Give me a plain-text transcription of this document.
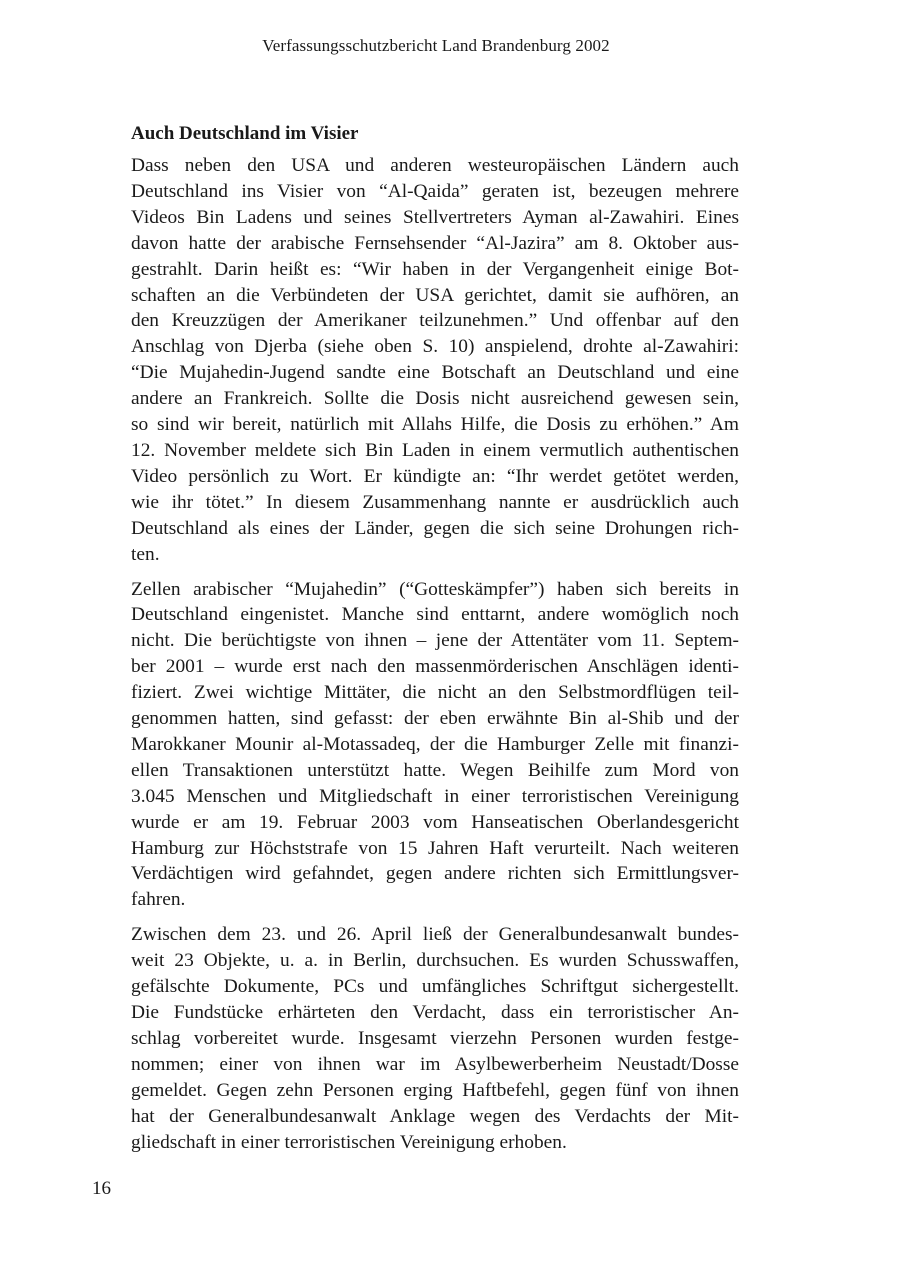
Verfassungsschutzbericht Land Brandenburg 2002
Auch Deutschland im Visier

Dass neben den USA und anderen westeuropäischen Ländern auch
Deutschland ins Visier von “Al-Qaida” geraten ist, bezeugen mehrere
Videos Bin Ladens und seines Stellvertreters Ayman al-Zawahiri. Eines
davon hatte der arabische Fernsehsender “Al-Jazira” am 8. Oktober aus-
gestrahlt. Darin heißt es: “Wir haben in der Vergangenheit einige Bot-
schaften an die Verbündeten der USA gerichtet, damit sie aufhören, an
den Kreuzzügen der Amerikaner teilzunehmen.” Und offenbar auf den
Anschlag von Djerba (siehe oben S. 10) anspielend, drohte al-Zawahiri:
“Die Mujahedin-Jugend sandte eine Botschaft an Deutschland und eine
andere an Frankreich. Sollte die Dosis nicht ausreichend gewesen sein,
so sind wir bereit, natürlich mit Allahs Hilfe, die Dosis zu erhöhen.” Am
12. November meldete sich Bin Laden in einem vermutlich authentischen
Video persönlich zu Wort. Er kündigte an: “Ihr werdet getötet werden,
wie ihr tötet.” In diesem Zusammenhang nannte er ausdrücklich auch
Deutschland als eines der Länder, gegen die sich seine Drohungen rich-
ten.

Zellen arabischer “Mujahedin” (“Gotteskämpfer”) haben sich bereits in
Deutschland eingenistet. Manche sind enttarnt, andere womöglich noch
nicht. Die berüchtigste von ihnen – jene der Attentäter vom 11. Septem-
ber 2001 – wurde erst nach den massenmörderischen Anschlägen identi-
fiziert. Zwei wichtige Mittäter, die nicht an den Selbstmordflügen teil-
genommen hatten, sind gefasst: der eben erwähnte Bin al-Shib und der
Marokkaner Mounir al-Motassadeq, der die Hamburger Zelle mit finanzi-
ellen Transaktionen unterstützt hatte. Wegen Beihilfe zum Mord von
3.045 Menschen und Mitgliedschaft in einer terroristischen Vereinigung
wurde er am 19. Februar 2003 vom Hanseatischen Oberlandesgericht
Hamburg zur Höchststrafe von 15 Jahren Haft verurteilt. Nach weiteren
Verdächtigen wird gefahndet, gegen andere richten sich Ermittlungsver-
fahren.

Zwischen dem 23. und 26. April ließ der Generalbundesanwalt bundes-
weit 23 Objekte, u. a. in Berlin, durchsuchen. Es wurden Schusswaffen,
gefälschte Dokumente, PCs und umfängliches Schriftgut sichergestellt.
Die Fundstücke erhärteten den Verdacht, dass ein terroristischer An-
schlag vorbereitet wurde. Insgesamt vierzehn Personen wurden festge-
nommen; einer von ihnen war im Asylbewerberheim Neustadt/Dosse
gemeldet. Gegen zehn Personen erging Haftbefehl, gegen fünf von ihnen
hat der Generalbundesanwalt Anklage wegen des Verdachts der Mit-
gliedschaft in einer terroristischen Vereinigung erhoben.

16
